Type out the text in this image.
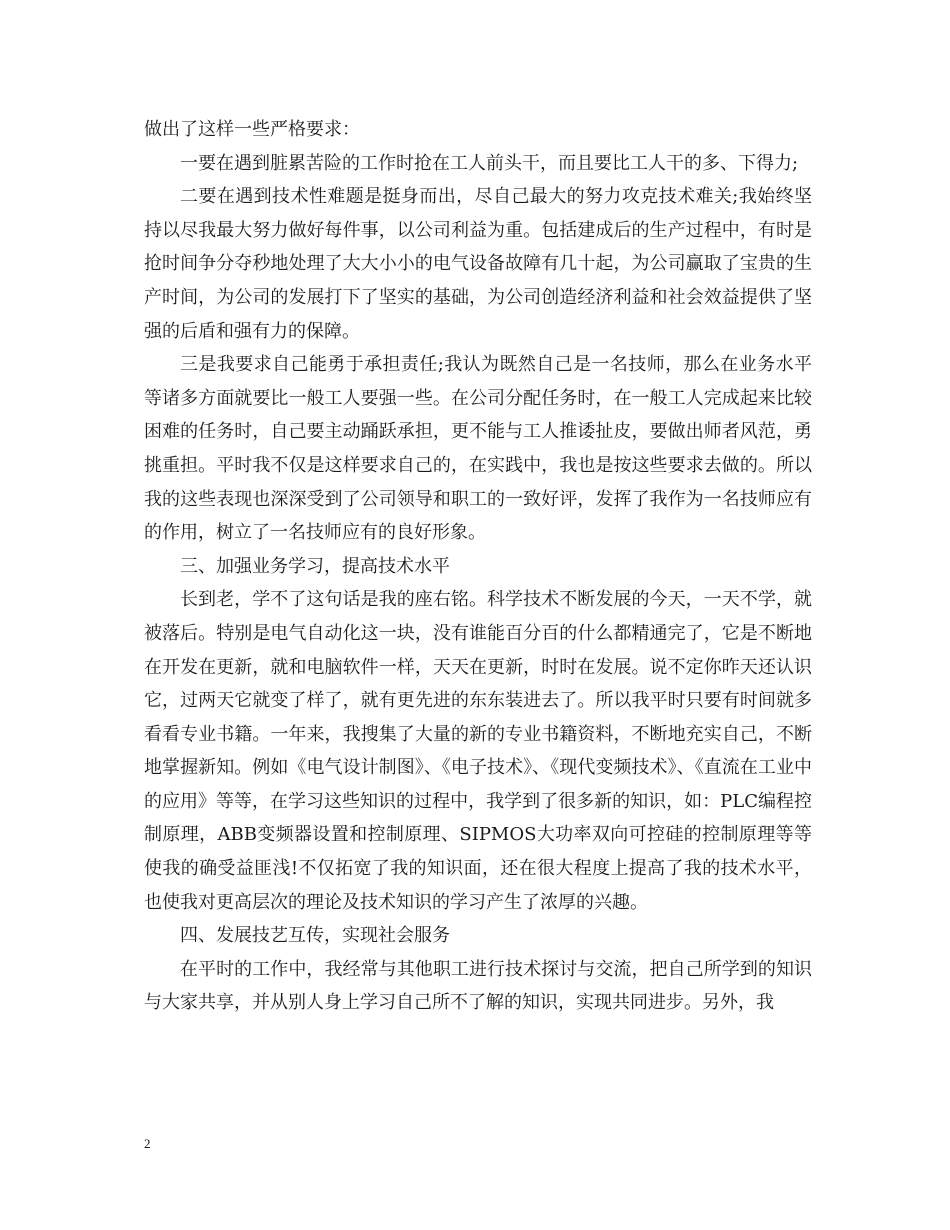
做出了这样一些严格要求：

一要在遇到脏累苦险的工作时抢在工人前头干，而且要比工人干的多、下得力;

二要在遇到技术性难题是挺身而出，尽自己最大的努力攻克技术难关;我始终坚持以尽我最大努力做好每件事，以公司利益为重。包括建成后的生产过程中，有时是抢时间争分夺秒地处理了大大小小的电气设备故障有几十起，为公司赢取了宝贵的生产时间，为公司的发展打下了坚实的基础，为公司创造经济利益和社会效益提供了坚强的后盾和强有力的保障。

三是我要求自己能勇于承担责任;我认为既然自己是一名技师，那么在业务水平等诸多方面就要比一般工人要强一些。在公司分配任务时，在一般工人完成起来比较困难的任务时，自己要主动踊跃承担，更不能与工人推诿扯皮，要做出师者风范，勇挑重担。平时我不仅是这样要求自己的，在实践中，我也是按这些要求去做的。所以我的这些表现也深深受到了公司领导和职工的一致好评，发挥了我作为一名技师应有的作用，树立了一名技师应有的良好形象。

三、加强业务学习，提高技术水平

长到老，学不了这句话是我的座右铭。科学技术不断发展的今天，一天不学，就被落后。特别是电气自动化这一块，没有谁能百分百的什么都精通完了，它是不断地在开发在更新，就和电脑软件一样，天天在更新，时时在发展。说不定你昨天还认识它，过两天它就变了样了，就有更先进的东东装进去了。所以我平时只要有时间就多看看专业书籍。一年来，我搜集了大量的新的专业书籍资料，不断地充实自己，不断地掌握新知。例如《电气设计制图》、《电子技术》、《现代变频技术》、《直流在工业中的应用》等等，在学习这些知识的过程中，我学到了很多新的知识，如：PLC编程控制原理，ABB变频器设置和控制原理、SIPMOS大功率双向可控硅的控制原理等等使我的确受益匪浅!不仅拓宽了我的知识面，还在很大程度上提高了我的技术水平，也使我对更高层次的理论及技术知识的学习产生了浓厚的兴趣。

四、发展技艺互传，实现社会服务

在平时的工作中，我经常与其他职工进行技术探讨与交流，把自己所学到的知识与大家共享，并从别人身上学习自己所不了解的知识，实现共同进步。另外，我

2
